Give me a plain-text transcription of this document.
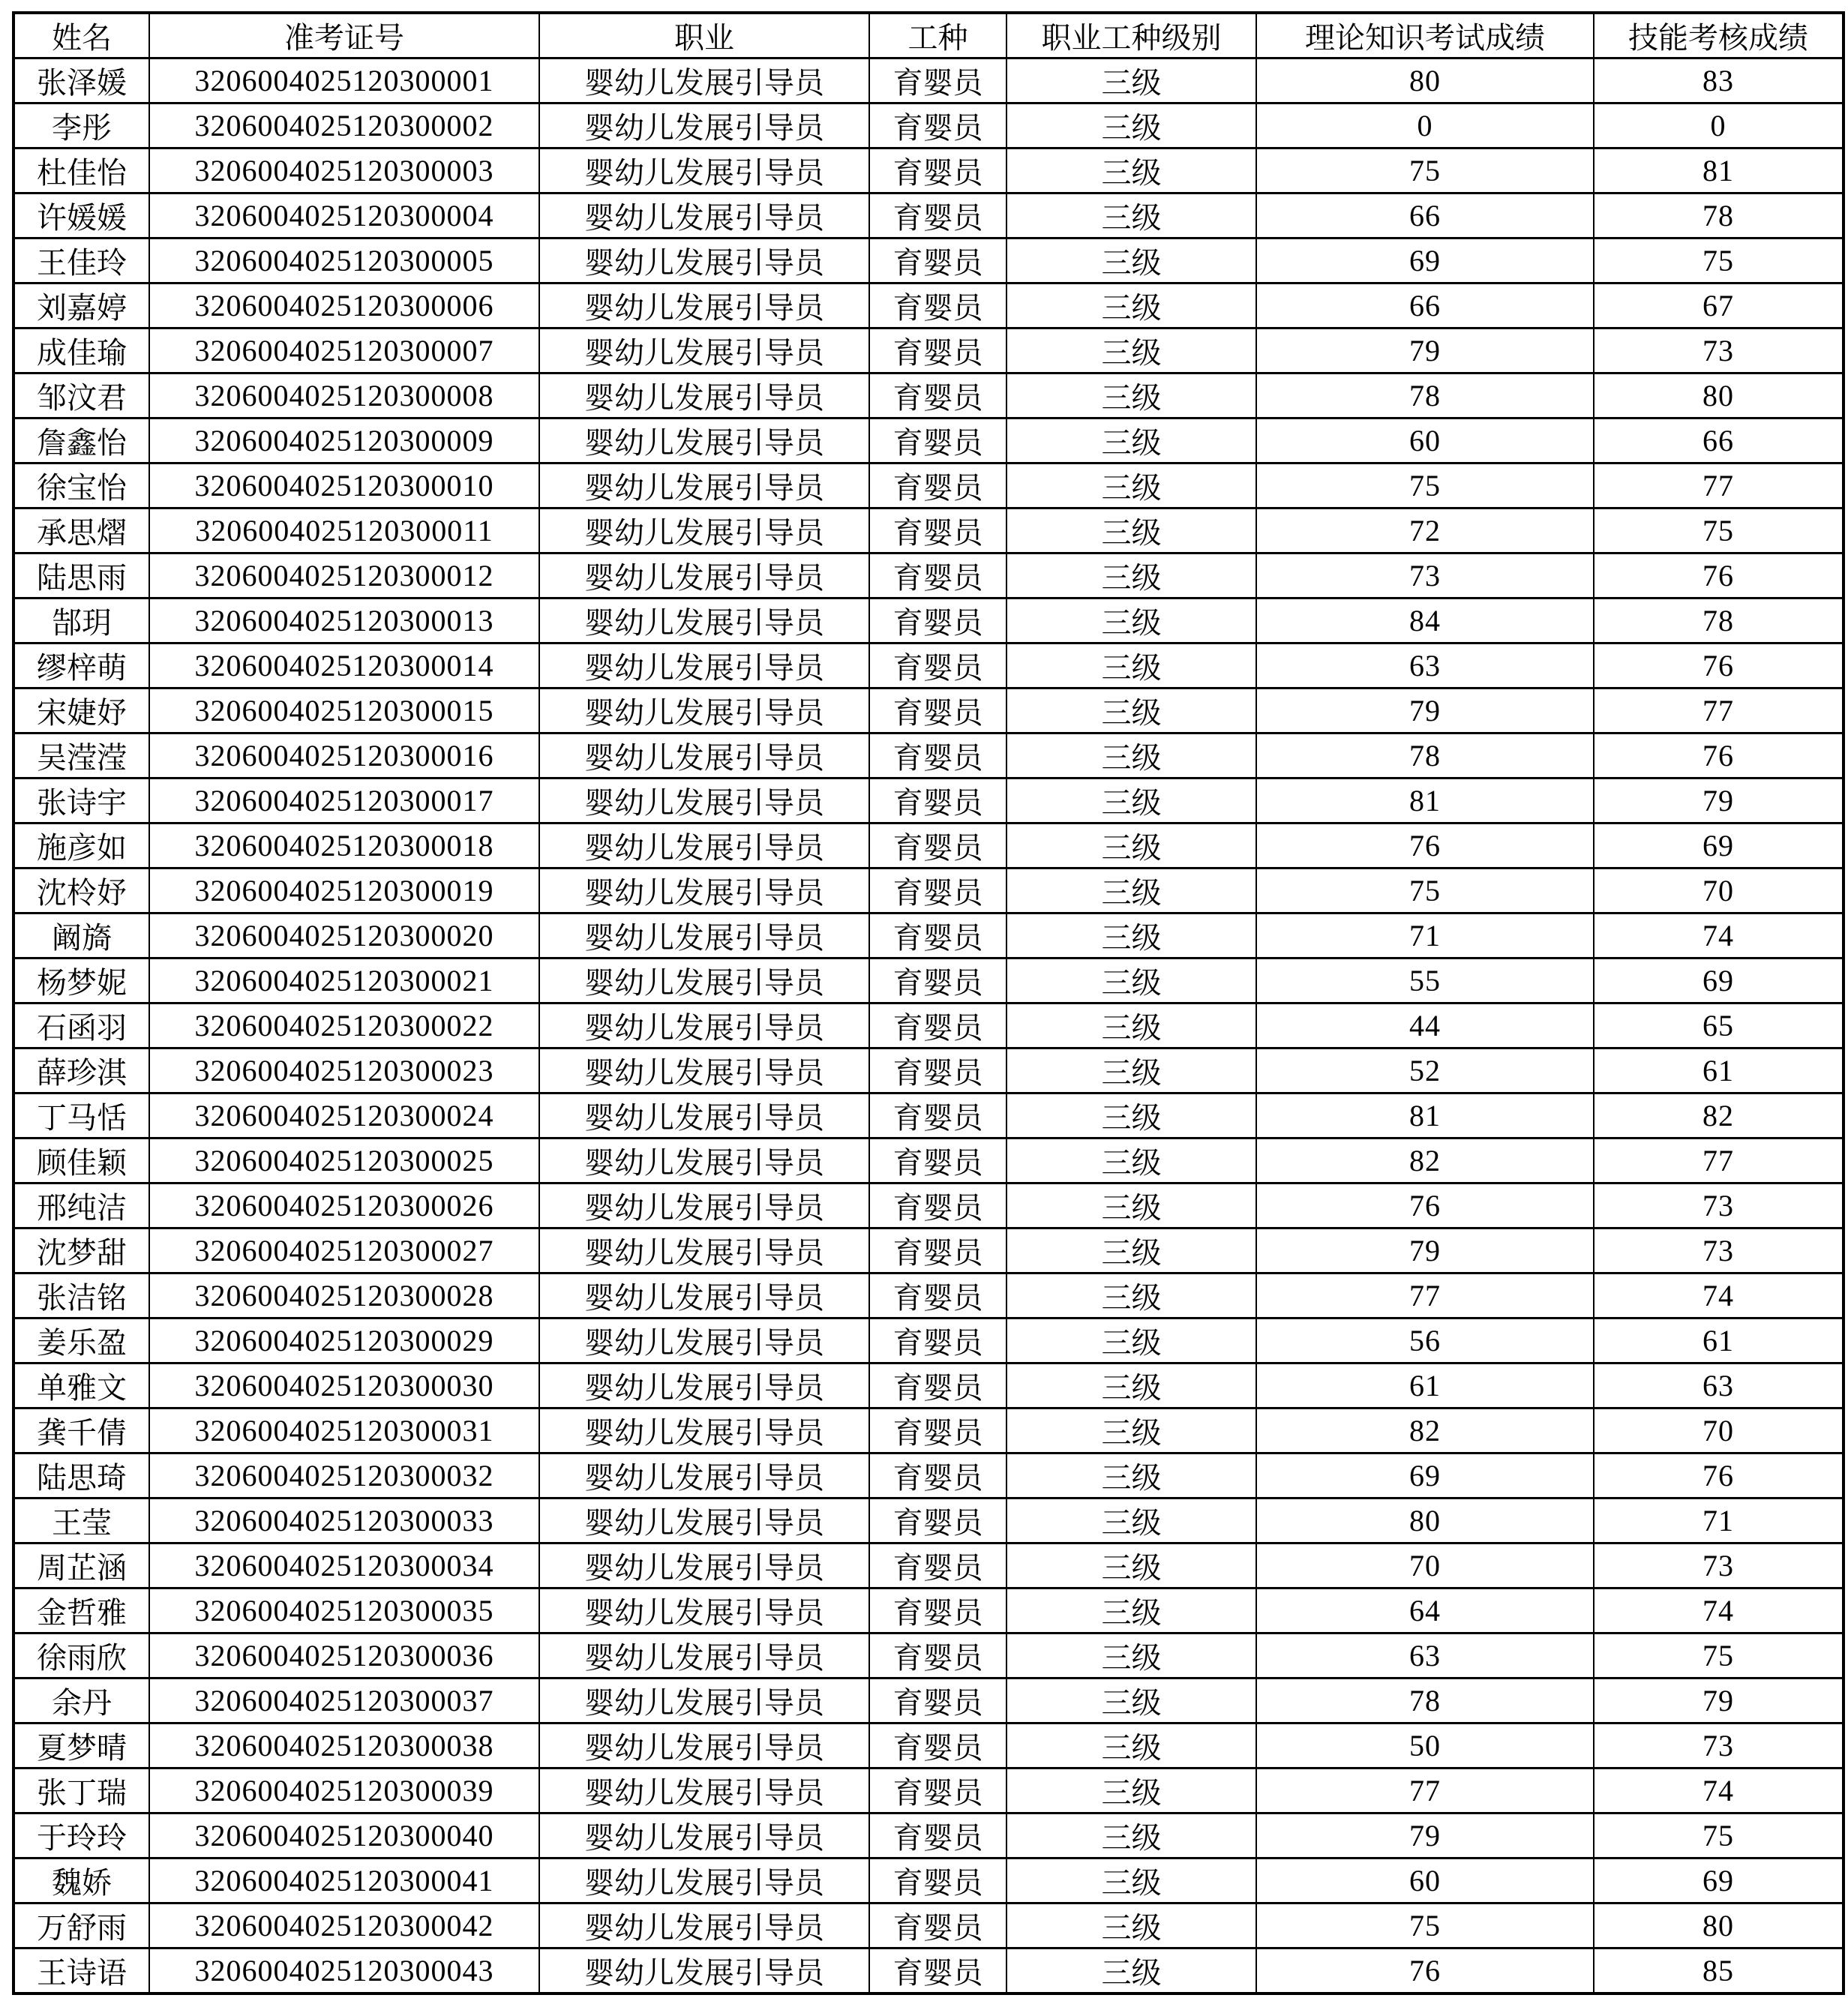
姓名	准考证号	职业	工种	职业工种级别	理论知识考试成绩	技能考核成绩
张泽媛	3206004025120300001	婴幼儿发展引导员	育婴员	三级	80	83
李彤	3206004025120300002	婴幼儿发展引导员	育婴员	三级	0	0
杜佳怡	3206004025120300003	婴幼儿发展引导员	育婴员	三级	75	81
许媛媛	3206004025120300004	婴幼儿发展引导员	育婴员	三级	66	78
王佳玲	3206004025120300005	婴幼儿发展引导员	育婴员	三级	69	75
刘嘉婷	3206004025120300006	婴幼儿发展引导员	育婴员	三级	66	67
成佳瑜	3206004025120300007	婴幼儿发展引导员	育婴员	三级	79	73
邹汶君	3206004025120300008	婴幼儿发展引导员	育婴员	三级	78	80
詹鑫怡	3206004025120300009	婴幼儿发展引导员	育婴员	三级	60	66
徐宝怡	3206004025120300010	婴幼儿发展引导员	育婴员	三级	75	77
承思熠	3206004025120300011	婴幼儿发展引导员	育婴员	三级	72	75
陆思雨	3206004025120300012	婴幼儿发展引导员	育婴员	三级	73	76
郜玥	3206004025120300013	婴幼儿发展引导员	育婴员	三级	84	78
缪梓萌	3206004025120300014	婴幼儿发展引导员	育婴员	三级	63	76
宋婕妤	3206004025120300015	婴幼儿发展引导员	育婴员	三级	79	77
吴滢滢	3206004025120300016	婴幼儿发展引导员	育婴员	三级	78	76
张诗宇	3206004025120300017	婴幼儿发展引导员	育婴员	三级	81	79
施彦如	3206004025120300018	婴幼儿发展引导员	育婴员	三级	76	69
沈柃妤	3206004025120300019	婴幼儿发展引导员	育婴员	三级	75	70
阚旖	3206004025120300020	婴幼儿发展引导员	育婴员	三级	71	74
杨梦妮	3206004025120300021	婴幼儿发展引导员	育婴员	三级	55	69
石函羽	3206004025120300022	婴幼儿发展引导员	育婴员	三级	44	65
薛珍淇	3206004025120300023	婴幼儿发展引导员	育婴员	三级	52	61
丁马恬	3206004025120300024	婴幼儿发展引导员	育婴员	三级	81	82
顾佳颖	3206004025120300025	婴幼儿发展引导员	育婴员	三级	82	77
邢纯洁	3206004025120300026	婴幼儿发展引导员	育婴员	三级	76	73
沈梦甜	3206004025120300027	婴幼儿发展引导员	育婴员	三级	79	73
张洁铭	3206004025120300028	婴幼儿发展引导员	育婴员	三级	77	74
姜乐盈	3206004025120300029	婴幼儿发展引导员	育婴员	三级	56	61
单雅文	3206004025120300030	婴幼儿发展引导员	育婴员	三级	61	63
龚千倩	3206004025120300031	婴幼儿发展引导员	育婴员	三级	82	70
陆思琦	3206004025120300032	婴幼儿发展引导员	育婴员	三级	69	76
王莹	3206004025120300033	婴幼儿发展引导员	育婴员	三级	80	71
周芷涵	3206004025120300034	婴幼儿发展引导员	育婴员	三级	70	73
金哲雅	3206004025120300035	婴幼儿发展引导员	育婴员	三级	64	74
徐雨欣	3206004025120300036	婴幼儿发展引导员	育婴员	三级	63	75
余丹	3206004025120300037	婴幼儿发展引导员	育婴员	三级	78	79
夏梦晴	3206004025120300038	婴幼儿发展引导员	育婴员	三级	50	73
张丁瑞	3206004025120300039	婴幼儿发展引导员	育婴员	三级	77	74
于玲玲	3206004025120300040	婴幼儿发展引导员	育婴员	三级	79	75
魏娇	3206004025120300041	婴幼儿发展引导员	育婴员	三级	60	69
万舒雨	3206004025120300042	婴幼儿发展引导员	育婴员	三级	75	80
王诗语	3206004025120300043	婴幼儿发展引导员	育婴员	三级	76	85
